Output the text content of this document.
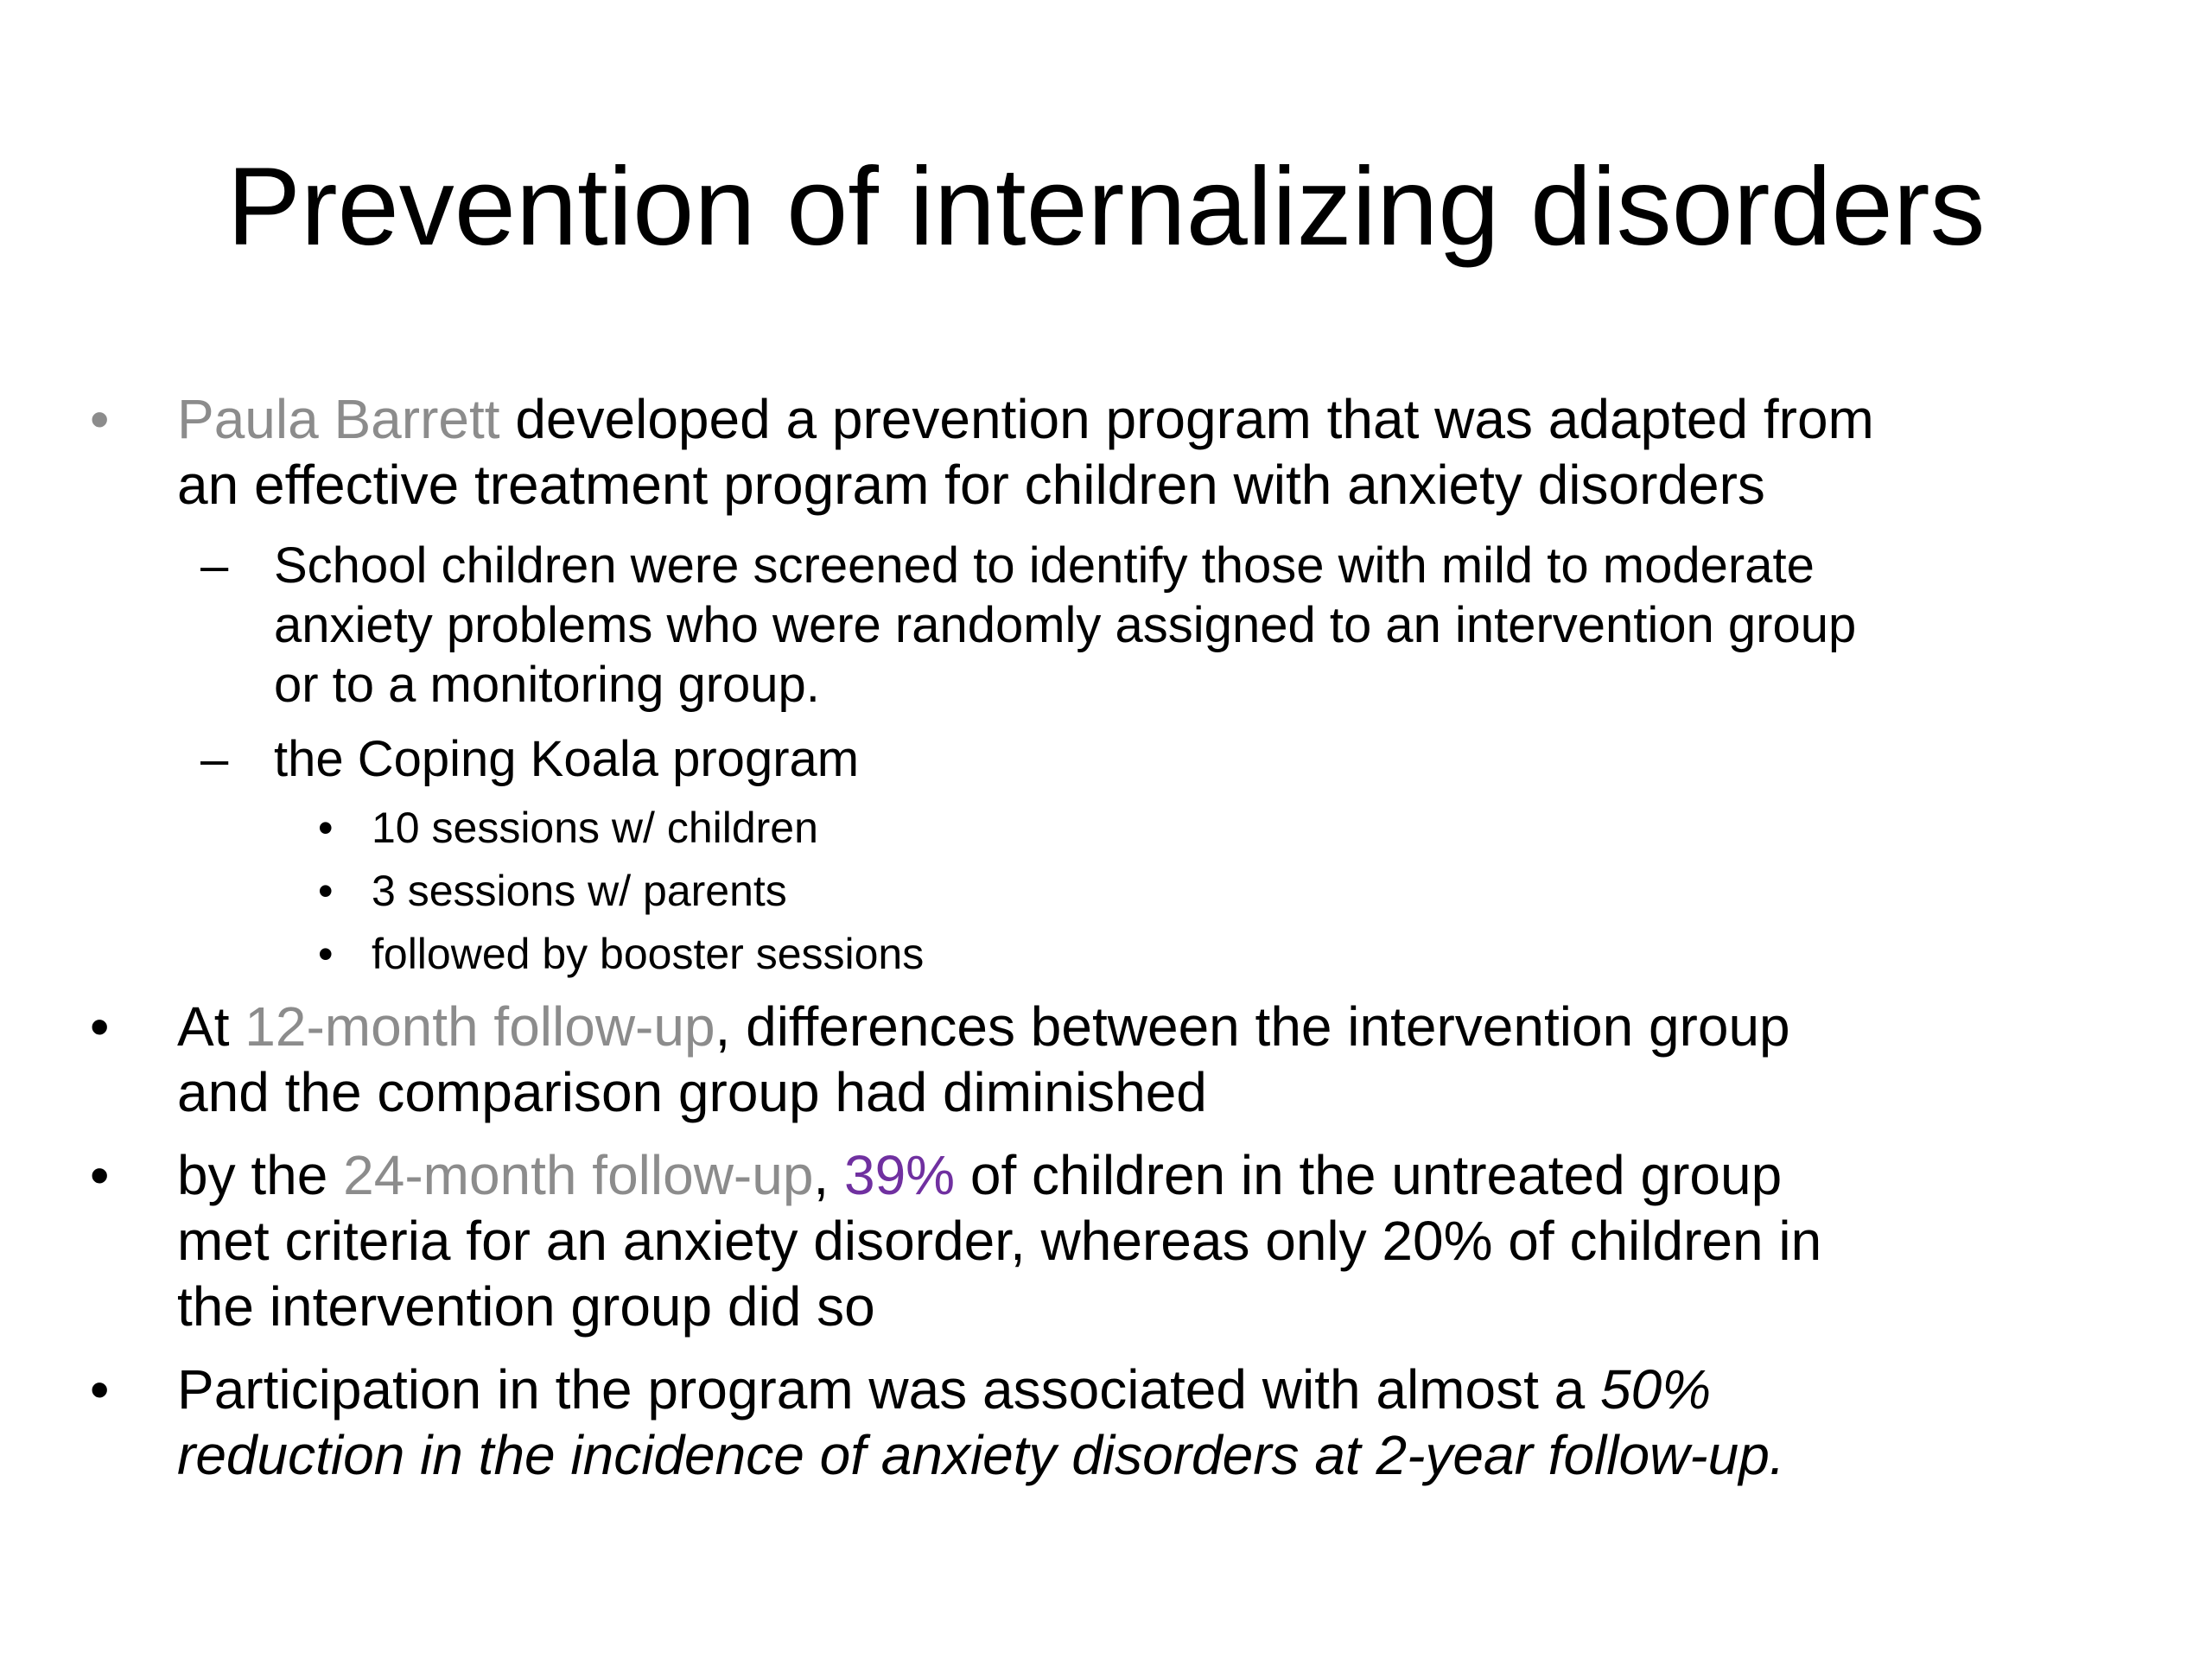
Prevention of internalizing disorders
• Paula Barrett developed a prevention program that was adapted from
an effective treatment program for children with anxiety disorders
– School children were screened to identify those with mild to moderate
anxiety problems who were randomly assigned to an intervention group
or to a monitoring group.
– the Coping Koala program
• 10 sessions w/ children
• 3 sessions w/ parents
• followed by booster sessions
• At 12-month follow-up, differences between the intervention group
and the comparison group had diminished
• by the 24-month follow-up, 39% of children in the untreated group
met criteria for an anxiety disorder, whereas only 20% of children in
the intervention group did so
• Participation in the program was associated with almost a 50%
reduction in the incidence of anxiety disorders at 2-year follow-up.
